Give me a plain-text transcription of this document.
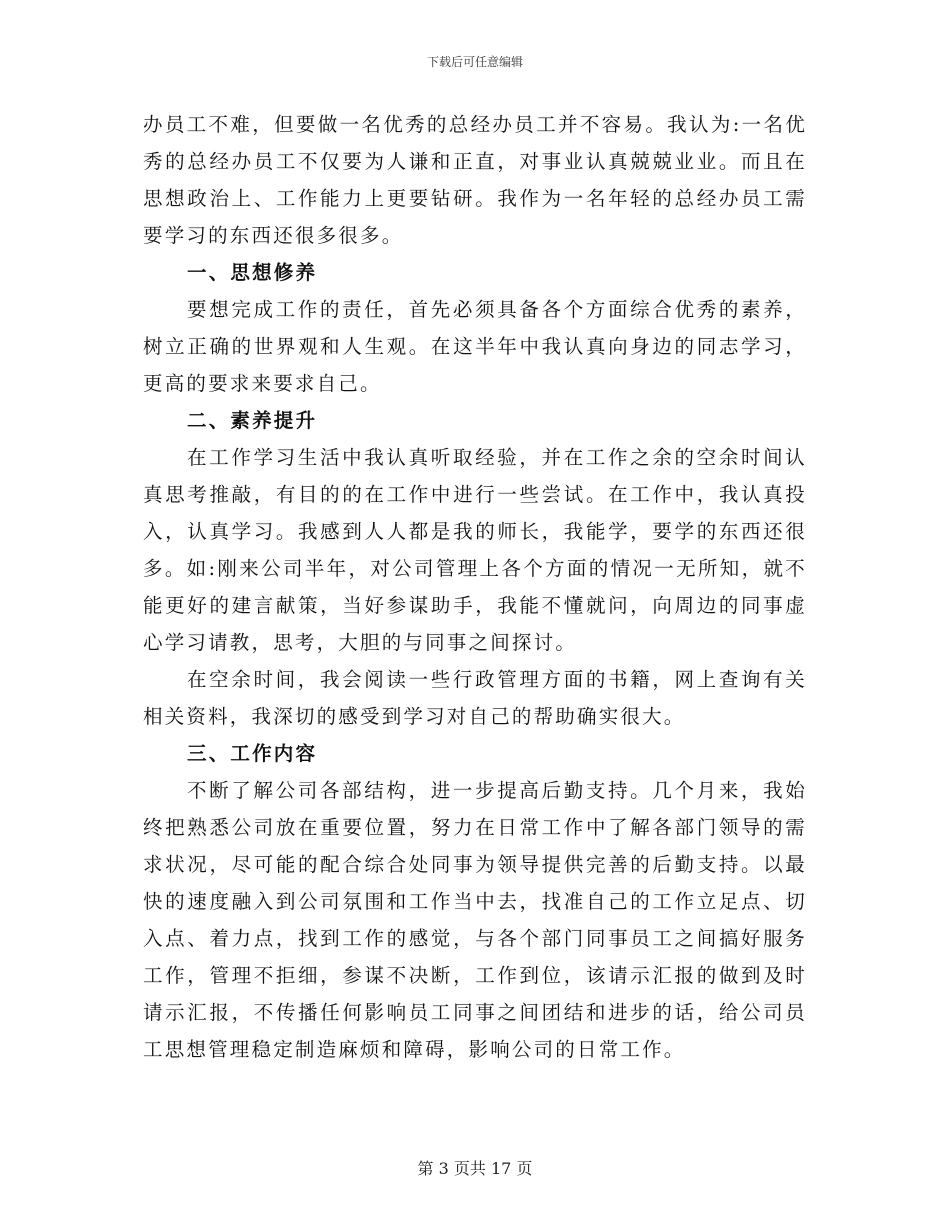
下载后可任意编辑

办员工不难，但要做一名优秀的总经办员工并不容易。我认为:一名优秀的总经办员工不仅要为人谦和正直，对事业认真兢兢业业。而且在思想政治上、工作能力上更要钻研。我作为一名年轻的总经办员工需要学习的东西还很多很多。

一、思想修养

要想完成工作的责任，首先必须具备各个方面综合优秀的素养，树立正确的世界观和人生观。在这半年中我认真向身边的同志学习，更高的要求来要求自己。

二、素养提升

在工作学习生活中我认真听取经验，并在工作之余的空余时间认真思考推敲，有目的的在工作中进行一些尝试。在工作中，我认真投入，认真学习。我感到人人都是我的师长，我能学，要学的东西还很多。如:刚来公司半年，对公司管理上各个方面的情况一无所知，就不能更好的建言献策，当好参谋助手，我能不懂就问，向周边的同事虚心学习请教，思考，大胆的与同事之间探讨。

在空余时间，我会阅读一些行政管理方面的书籍，网上查询有关相关资料，我深切的感受到学习对自己的帮助确实很大。

三、工作内容

不断了解公司各部结构，进一步提高后勤支持。几个月来，我始终把熟悉公司放在重要位置，努力在日常工作中了解各部门领导的需求状况，尽可能的配合综合处同事为领导提供完善的后勤支持。以最快的速度融入到公司氛围和工作当中去，找准自己的工作立足点、切入点、着力点，找到工作的感觉，与各个部门同事员工之间搞好服务工作，管理不拒细，参谋不决断，工作到位，该请示汇报的做到及时请示汇报，不传播任何影响员工同事之间团结和进步的话，给公司员工思想管理稳定制造麻烦和障碍，影响公司的日常工作。

第 3 页共 17 页
